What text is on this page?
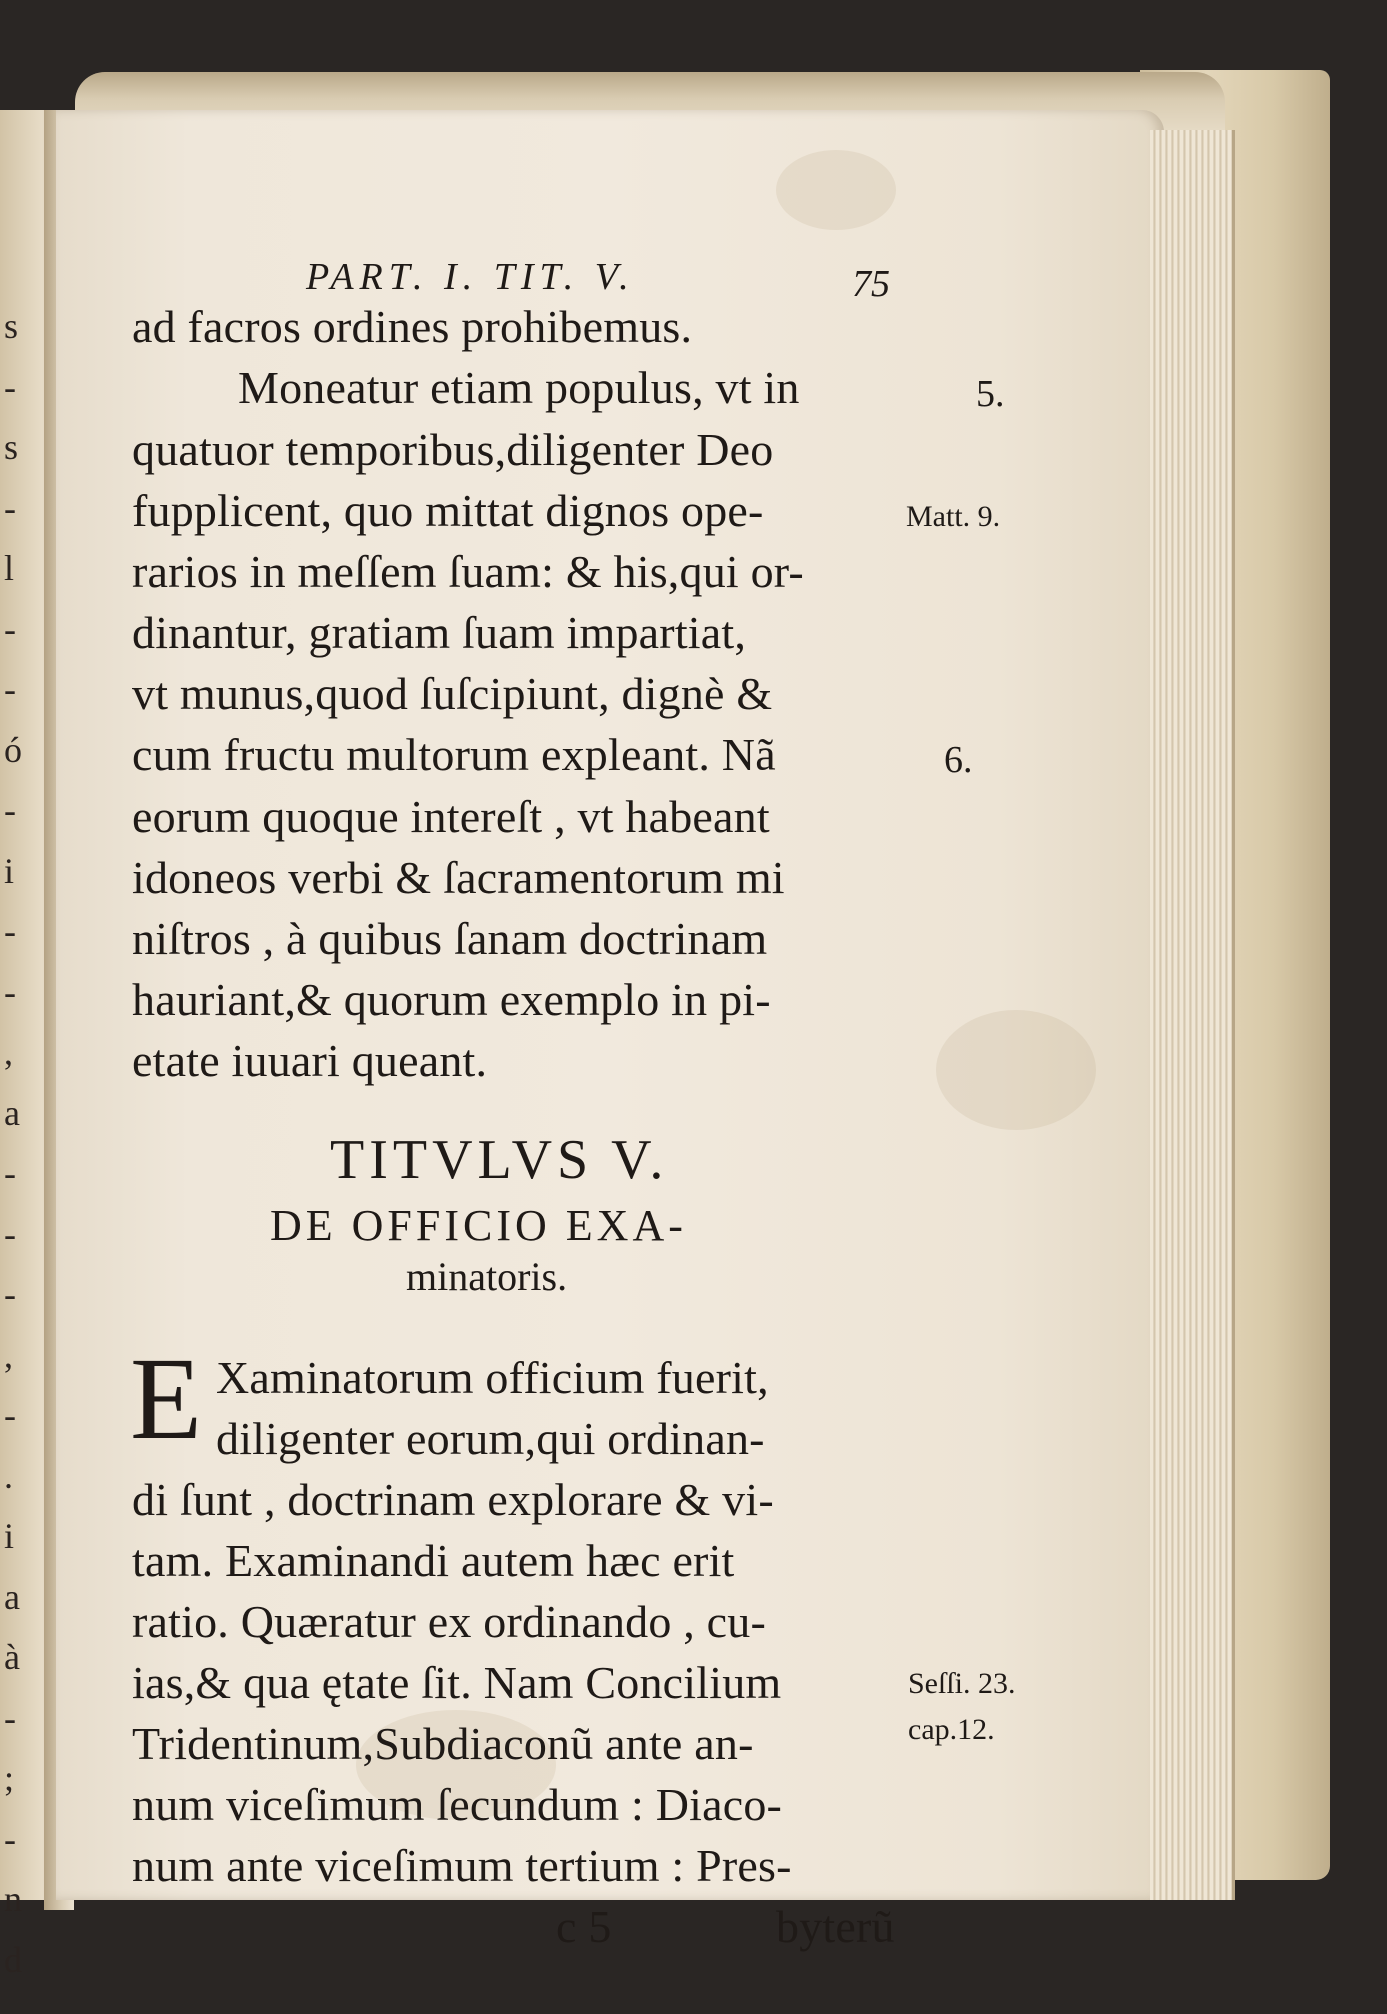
s
-
s
-
l
-
-
ó
-
i
-
-
,
a
-
-
-
,
-
.
i
a
à
-
;
-
n
d
PART. I. TIT. V.	75
ad facros ordines prohibemus.
Moneatur etiam populus, vt in
quatuor temporibus,diligenter Deo
fupplicent, quo mittat dignos ope-
rarios in meſſem ſuam: & his,qui or-
dinantur, gratiam ſuam impartiat,
vt munus,quod ſuſcipiunt, dignè &
cum fructu multorum expleant. Nã
eorum quoque intereſt , vt habeant
idoneos verbi & ſacramentorum mi
niſtros , à quibus ſanam doctrinam
hauriant,& quorum exemplo in pi-
etate iuuari queant.
TITVLVS V.
DE OFFICIO EXA-
minatoris.
E Xaminatorum officium fuerit,
diligenter eorum,qui ordinan-
di ſunt , doctrinam explorare & vi-
tam. Examinandi autem hæc erit
ratio. Quæratur ex ordinando , cu-
ias,& qua ętate ſit. Nam Concilium
Tridentinum,Subdiaconũ ante an-
num viceſimum ſecundum : Diaco-
num ante viceſimum tertium : Pres-
c 5	byterũ
5.
Matt. 9.
6.
Seſſi. 23.
cap.12.
